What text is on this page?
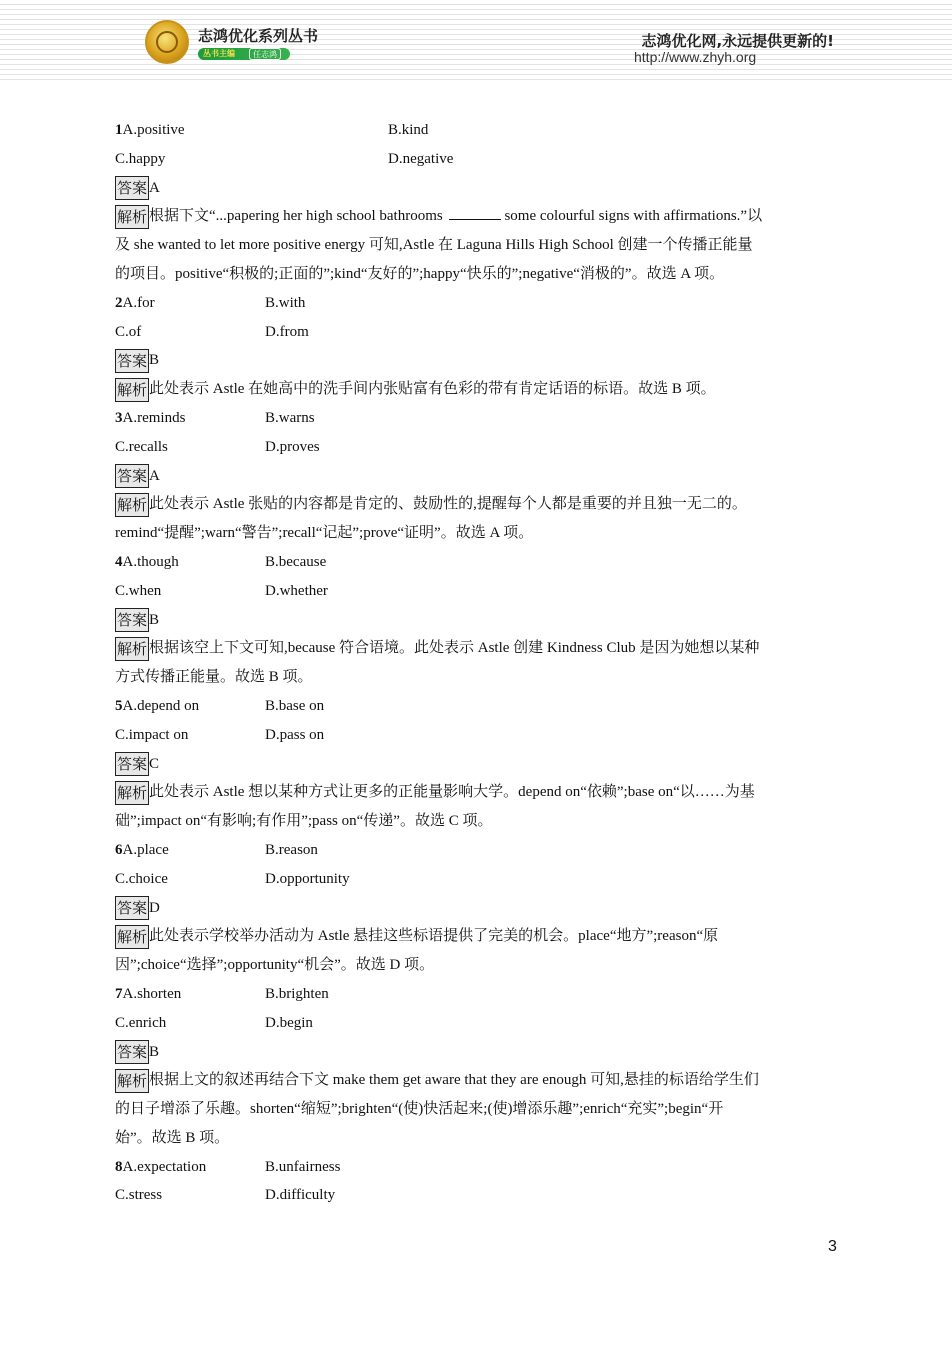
志鸿优化系列丛书
丛书主编	任志鸿
志鸿优化网,永远提供更新的!
http://www.zhyh.org
1A.positive	B.kind
C.happy	D.negative
答案 A
解析 根据下文“...papering her high school bathrooms	some colourful signs with affirmations.”以
及 she wanted to let more positive energy 可知,Astle 在 Laguna Hills High School 创建一个传播正能量
的项目。positive“积极的;正面的”;kind“友好的”;happy“快乐的”;negative“消极的”。故选 A 项。
2A.for	B.with
C.of	D.from
答案 B
解析 此处表示 Astle 在她高中的洗手间内张贴富有色彩的带有肯定话语的标语。故选 B 项。
3A.reminds	B.warns
C.recalls	D.proves
答案 A
解析 此处表示 Astle 张贴的内容都是肯定的、鼓励性的,提醒每个人都是重要的并且独一无二的。
remind“提醒”;warn“警告”;recall“记起”;prove“证明”。故选 A 项。
4A.though	B.because
C.when	D.whether
答案 B
解析 根据该空上下文可知,because 符合语境。此处表示 Astle 创建 Kindness Club 是因为她想以某种
方式传播正能量。故选 B 项。
5A.depend on	B.base on
C.impact on	D.pass on
答案 C
解析 此处表示 Astle 想以某种方式让更多的正能量影响大学。depend on“依赖”;base on“以……为基
础”;impact on“有影响;有作用”;pass on“传递”。故选 C 项。
6A.place	B.reason
C.choice	D.opportunity
答案 D
解析 此处表示学校举办活动为 Astle 悬挂这些标语提供了完美的机会。place“地方”;reason“原
因”;choice“选择”;opportunity“机会”。故选 D 项。
7A.shorten	B.brighten
C.enrich	D.begin
答案 B
解析 根据上文的叙述再结合下文 make them get aware that they are enough 可知,悬挂的标语给学生们
的日子增添了乐趣。shorten“缩短”;brighten“(使)快活起来;(使)增添乐趣”;enrich“充实”;begin“开
始”。故选 B 项。
8A.expectation	B.unfairness
C.stress	D.difficulty
3
